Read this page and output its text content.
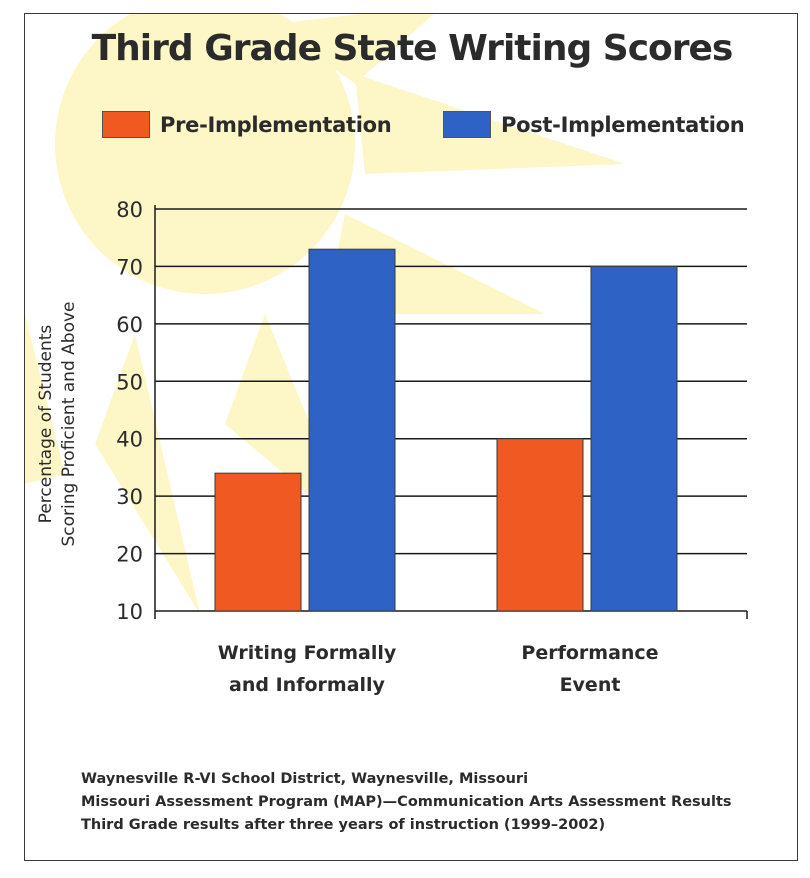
Third Grade State Writing Scores
Pre-Implementation	Post-Implementation
Percentage of Students Scoring Proficient and Above
10
20
30
40
50
60
70
80
Writing Formally
and Informally
Performance
Event
Waynesville R-VI School District, Waynesville, Missouri
Missouri Assessment Program (MAP)—Communication Arts Assessment Results
Third Grade results after three years of instruction (1999–2002)
